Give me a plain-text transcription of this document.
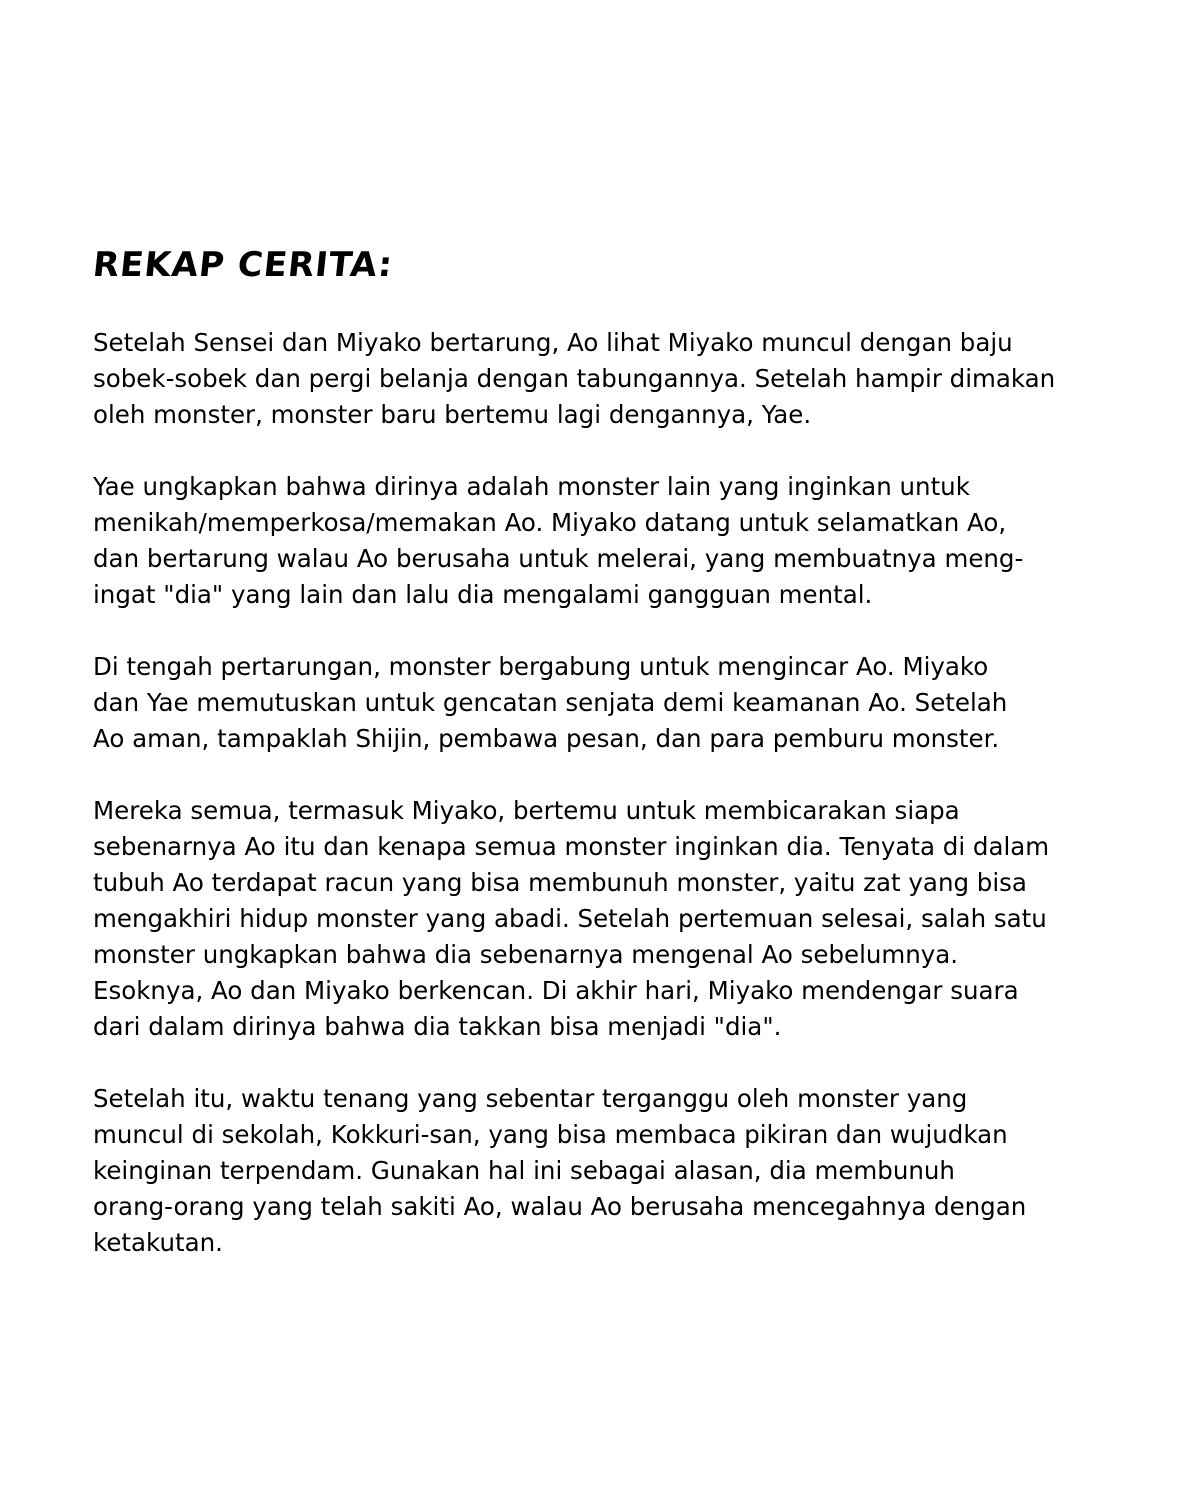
REKAP CERITA:

Setelah Sensei dan Miyako bertarung, Ao lihat Miyako muncul dengan baju
sobek-sobek dan pergi belanja dengan tabungannya. Setelah hampir dimakan
oleh monster, monster baru bertemu lagi dengannya, Yae.

Yae ungkapkan bahwa dirinya adalah monster lain yang inginkan untuk
menikah/memperkosa/memakan Ao. Miyako datang untuk selamatkan Ao,
dan bertarung walau Ao berusaha untuk melerai, yang membuatnya meng-
ingat "dia" yang lain dan lalu dia mengalami gangguan mental.

Di tengah pertarungan, monster bergabung untuk mengincar Ao. Miyako
dan Yae memutuskan untuk gencatan senjata demi keamanan Ao. Setelah
Ao aman, tampaklah Shijin, pembawa pesan, dan para pemburu monster.

Mereka semua, termasuk Miyako, bertemu untuk membicarakan siapa
sebenarnya Ao itu dan kenapa semua monster inginkan dia. Tenyata di dalam
tubuh Ao terdapat racun yang bisa membunuh monster, yaitu zat yang bisa
mengakhiri hidup monster yang abadi. Setelah pertemuan selesai, salah satu
monster ungkapkan bahwa dia sebenarnya mengenal Ao sebelumnya.
Esoknya, Ao dan Miyako berkencan. Di akhir hari, Miyako mendengar suara
dari dalam dirinya bahwa dia takkan bisa menjadi "dia".

Setelah itu, waktu tenang yang sebentar terganggu oleh monster yang
muncul di sekolah, Kokkuri-san, yang bisa membaca pikiran dan wujudkan
keinginan terpendam. Gunakan hal ini sebagai alasan, dia membunuh
orang-orang yang telah sakiti Ao, walau Ao berusaha mencegahnya dengan
ketakutan.
